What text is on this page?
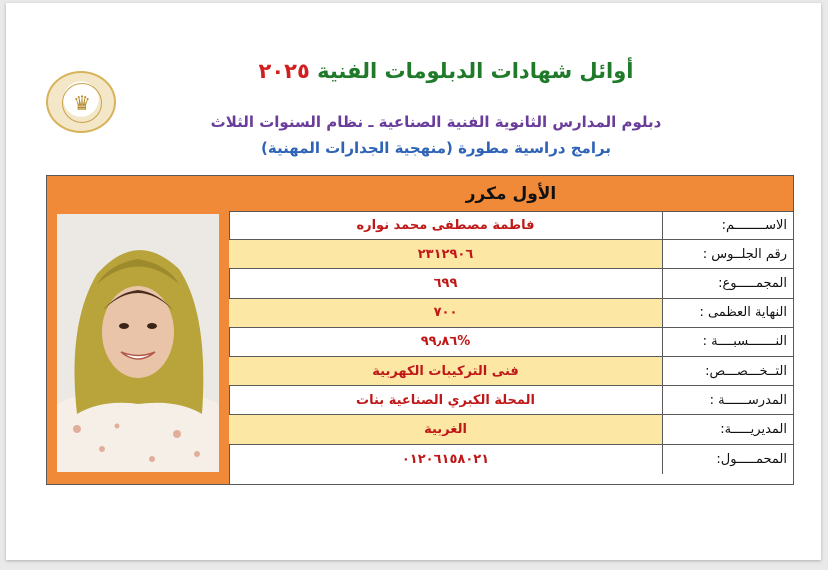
♛
أوائل شهادات الدبلومات الفنية ٢٠٢٥
دبلوم المدارس الثانوية الفنية الصناعية ـ نظام السنوات الثلاث
برامج دراسية مطورة (منهجية الجدارات المهنية)
الأول مكرر
فاطمة مصطفى محمد نواره	الاســــــــم:
٢٣١٢٩٠٦	رقم الجلــوس :
٦٩٩	المجمـــــوع:
٧٠٠	النهاية العظمى :
%٩٩٫٨٦	النـــــــسبــــة :
فنى التركيبات الكهربية	التــخـــصـــص:
المحلة الكبري الصناعية بنات	المدرســــــة :
الغربية	المديريـــــة:
٠١٢٠٦١٥٨٠٢١	المحمـــــول:
